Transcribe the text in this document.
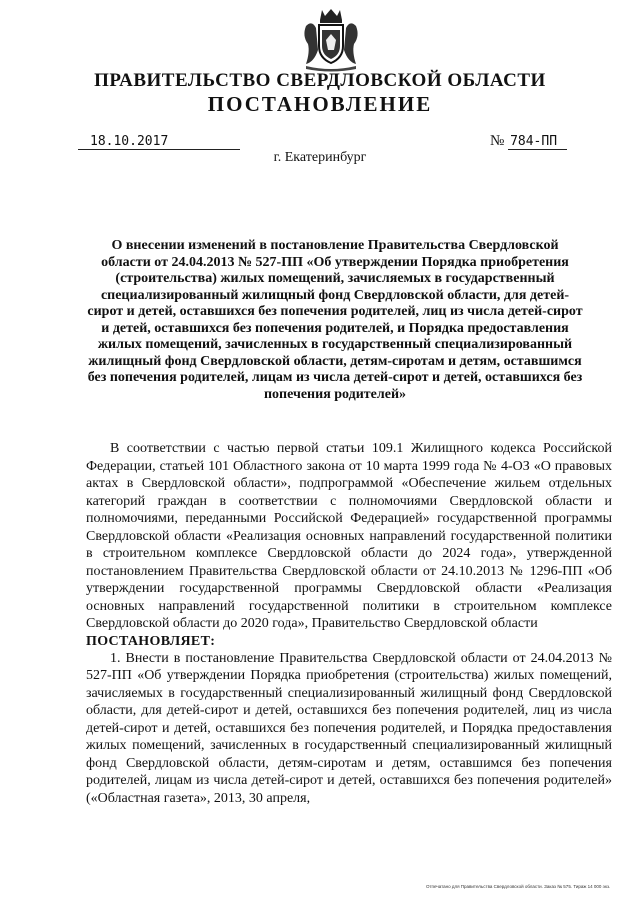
ПРАВИТЕЛЬСТВО СВЕРДЛОВСКОЙ ОБЛАСТИ
ПОСТАНОВЛЕНИЕ
18.10.2017	№ 784-ПП
г. Екатеринбург
О внесении изменений в постановление Правительства Свердловской области от 24.04.2013 № 527-ПП «Об утверждении Порядка приобретения (строительства) жилых помещений, зачисляемых в государственный специализированный жилищный фонд Свердловской области, для детей-сирот и детей, оставшихся без попечения родителей, лиц из числа детей-сирот и детей, оставшихся без попечения родителей, и Порядка предоставления жилых помещений, зачисленных в государственный специализированный жилищный фонд Свердловской области, детям-сиротам и детям, оставшимся без попечения родителей, лицам из числа детей-сирот и детей, оставшихся без попечения родителей»

В соответствии с частью первой статьи 109.1 Жилищного кодекса Российской Федерации, статьей 101 Областного закона от 10 марта 1999 года № 4-ОЗ «О правовых актах в Свердловской области», подпрограммой «Обеспечение жильем отдельных категорий граждан в соответствии с полномочиями Свердловской области и полномочиями, переданными Российской Федерацией» государственной программы Свердловской области «Реализация основных направлений государственной политики в строительном комплексе Свердловской области до 2024 года», утвержденной постановлением Правительства Свердловской области от 24.10.2013 № 1296-ПП «Об утверждении государственной программы Свердловской области «Реализация основных направлений государственной политики в строительном комплексе Свердловской области до 2020 года», Правительство Свердловской области

ПОСТАНОВЛЯЕТ:

1. Внести в постановление Правительства Свердловской области от 24.04.2013 № 527-ПП «Об утверждении Порядка приобретения (строительства) жилых помещений, зачисляемых в государственный специализированный жилищный фонд Свердловской области, для детей-сирот и детей, оставшихся без попечения родителей, лиц из числа детей-сирот и детей, оставшихся без попечения родителей, и Порядка предоставления жилых помещений, зачисленных в государственный специализированный жилищный фонд Свердловской области, детям-сиротам и детям, оставшимся без попечения родителей, лицам из числа детей-сирот и детей, оставшихся без попечения родителей» («Областная газета», 2013, 30 апреля,

Отпечатано для Правительства Свердловской области. Заказ № 575. Тираж 14 000 экз.
